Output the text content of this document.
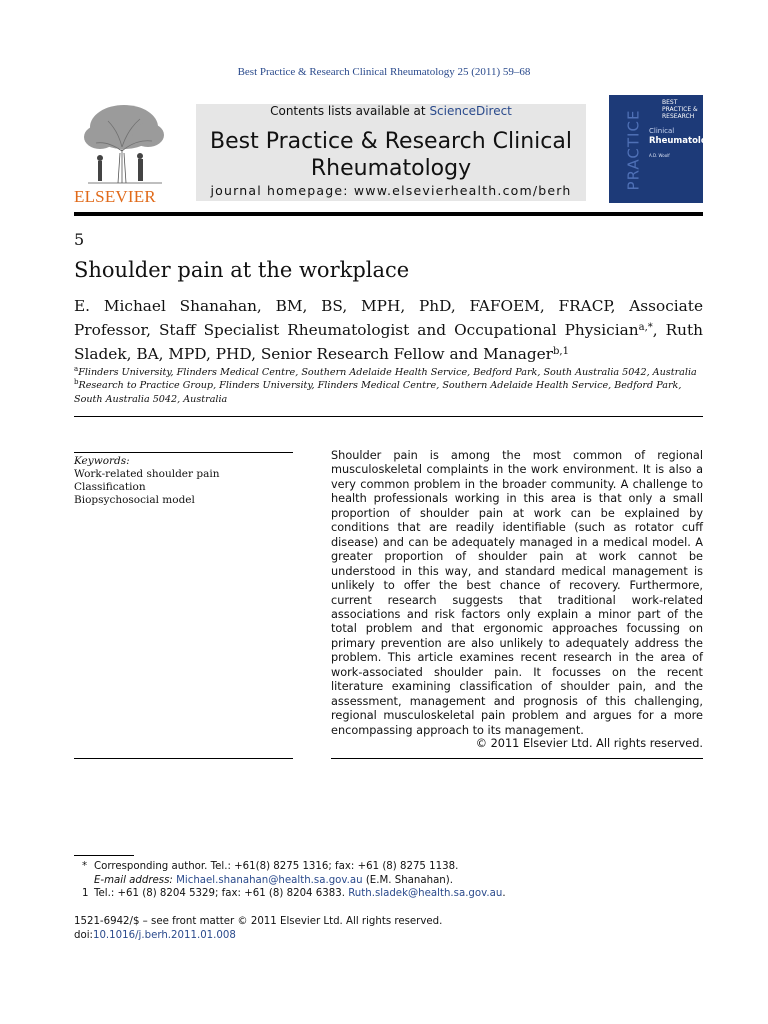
Best Practice & Research Clinical Rheumatology 25 (2011) 59–68
ELSEVIER
Contents lists available at ScienceDirect
Best Practice & Research Clinical
Rheumatology
journal homepage: www.elsevierhealth.com/berh
BEST PRACTICE & RESEARCH
PRACTICE Clinical
Rheumatology
A.D. Woolf
5
Shoulder pain at the workplace
E. Michael Shanahan, BM, BS, MPH, PhD, FAFOEM, FRACP, Associate Professor, Staff Specialist Rheumatologist and Occupational Physician$^{a,*}$, Ruth Sladek, BA, MPD, PHD, Senior Research Fellow and Manager$^{b,1}$
$^a$Flinders University, Flinders Medical Centre, Southern Adelaide Health Service, Bedford Park, South Australia 5042, Australia
$^b$Research to Practice Group, Flinders University, Flinders Medical Centre, Southern Adelaide Health Service, Bedford Park, South Australia 5042, Australia
Keywords:
Work-related shoulder pain
Classification
Biopsychosocial model
Shoulder pain is among the most common of regional musculoskeletal complaints in the work environment. It is also a very common problem in the broader community. A challenge to health professionals working in this area is that only a small proportion of shoulder pain at work can be explained by conditions that are readily identifiable (such as rotator cuff disease) and can be adequately managed in a medical model. A greater proportion of shoulder pain at work cannot be understood in this way, and standard medical management is unlikely to offer the best chance of recovery. Furthermore, current research suggests that traditional work-related associations and risk factors only explain a minor part of the total problem and that ergonomic approaches focussing on primary prevention are also unlikely to adequately address the problem. This article examines recent research in the area of work-associated shoulder pain. It focusses on the recent literature examining classification of shoulder pain, and the assessment, management and prognosis of this challenging, regional musculoskeletal pain problem and argues for a more encompassing approach to its management.
© 2011 Elsevier Ltd. All rights reserved.
* Corresponding author. Tel.: +61(8) 8275 1316; fax: +61 (8) 8275 1138.
E-mail address: Michael.shanahan@health.sa.gov.au (E.M. Shanahan).
1 Tel.: +61 (8) 8204 5329; fax: +61 (8) 8204 6383. Ruth.sladek@health.sa.gov.au.
1521-6942/$ – see front matter © 2011 Elsevier Ltd. All rights reserved.
doi:10.1016/j.berh.2011.01.008
